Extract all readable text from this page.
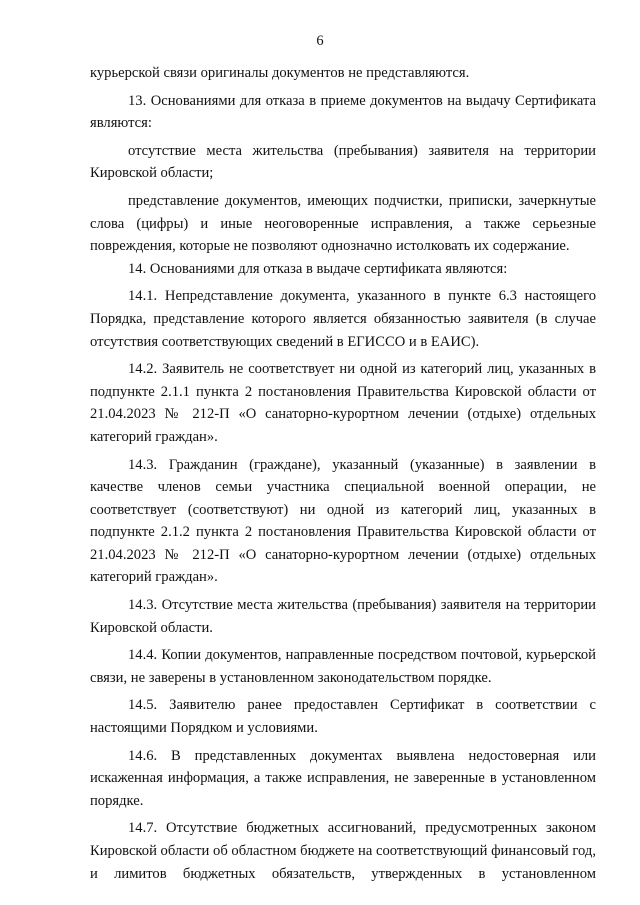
6

курьерской связи оригиналы документов не представляются.

13. Основаниями для отказа в приеме документов на выдачу Сертификата являются:

отсутствие места жительства (пребывания) заявителя на территории Кировской области;

представление документов, имеющих подчистки, приписки, зачеркнутые слова (цифры) и иные неоговоренные исправления, а также серьезные повреждения, которые не позволяют однозначно истолковать их содержание.

14. Основаниями для отказа в выдаче сертификата являются:

14.1. Непредставление документа, указанного в пункте 6.3 настоящего Порядка, представление которого является обязанностью заявителя (в случае отсутствия соответствующих сведений в ЕГИССО и в ЕАИС).

14.2. Заявитель не соответствует ни одной из категорий лиц, указанных в подпункте 2.1.1 пункта 2 постановления Правительства Кировской области от 21.04.2023 № 212-П «О санаторно-курортном лечении (отдыхе) отдельных категорий граждан».

14.3. Гражданин (граждане), указанный (указанные) в заявлении в качестве членов семьи участника специальной военной операции, не соответствует (соответствуют) ни одной из категорий лиц, указанных в подпункте 2.1.2 пункта 2 постановления Правительства Кировской области от 21.04.2023 № 212-П «О санаторно-курортном лечении (отдыхе) отдельных категорий граждан».

14.3. Отсутствие места жительства (пребывания) заявителя на территории Кировской области.

14.4. Копии документов, направленные посредством почтовой, курьерской связи, не заверены в установленном законодательством порядке.

14.5. Заявителю ранее предоставлен Сертификат в соответствии с настоящими Порядком и условиями.

14.6. В представленных документах выявлена недостоверная или искаженная информация, а также исправления, не заверенные в установленном порядке.

14.7. Отсутствие бюджетных ассигнований, предусмотренных законом Кировской области об областном бюджете на соответствующий финансовый год, и лимитов бюджетных обязательств, утвержденных в установленном
